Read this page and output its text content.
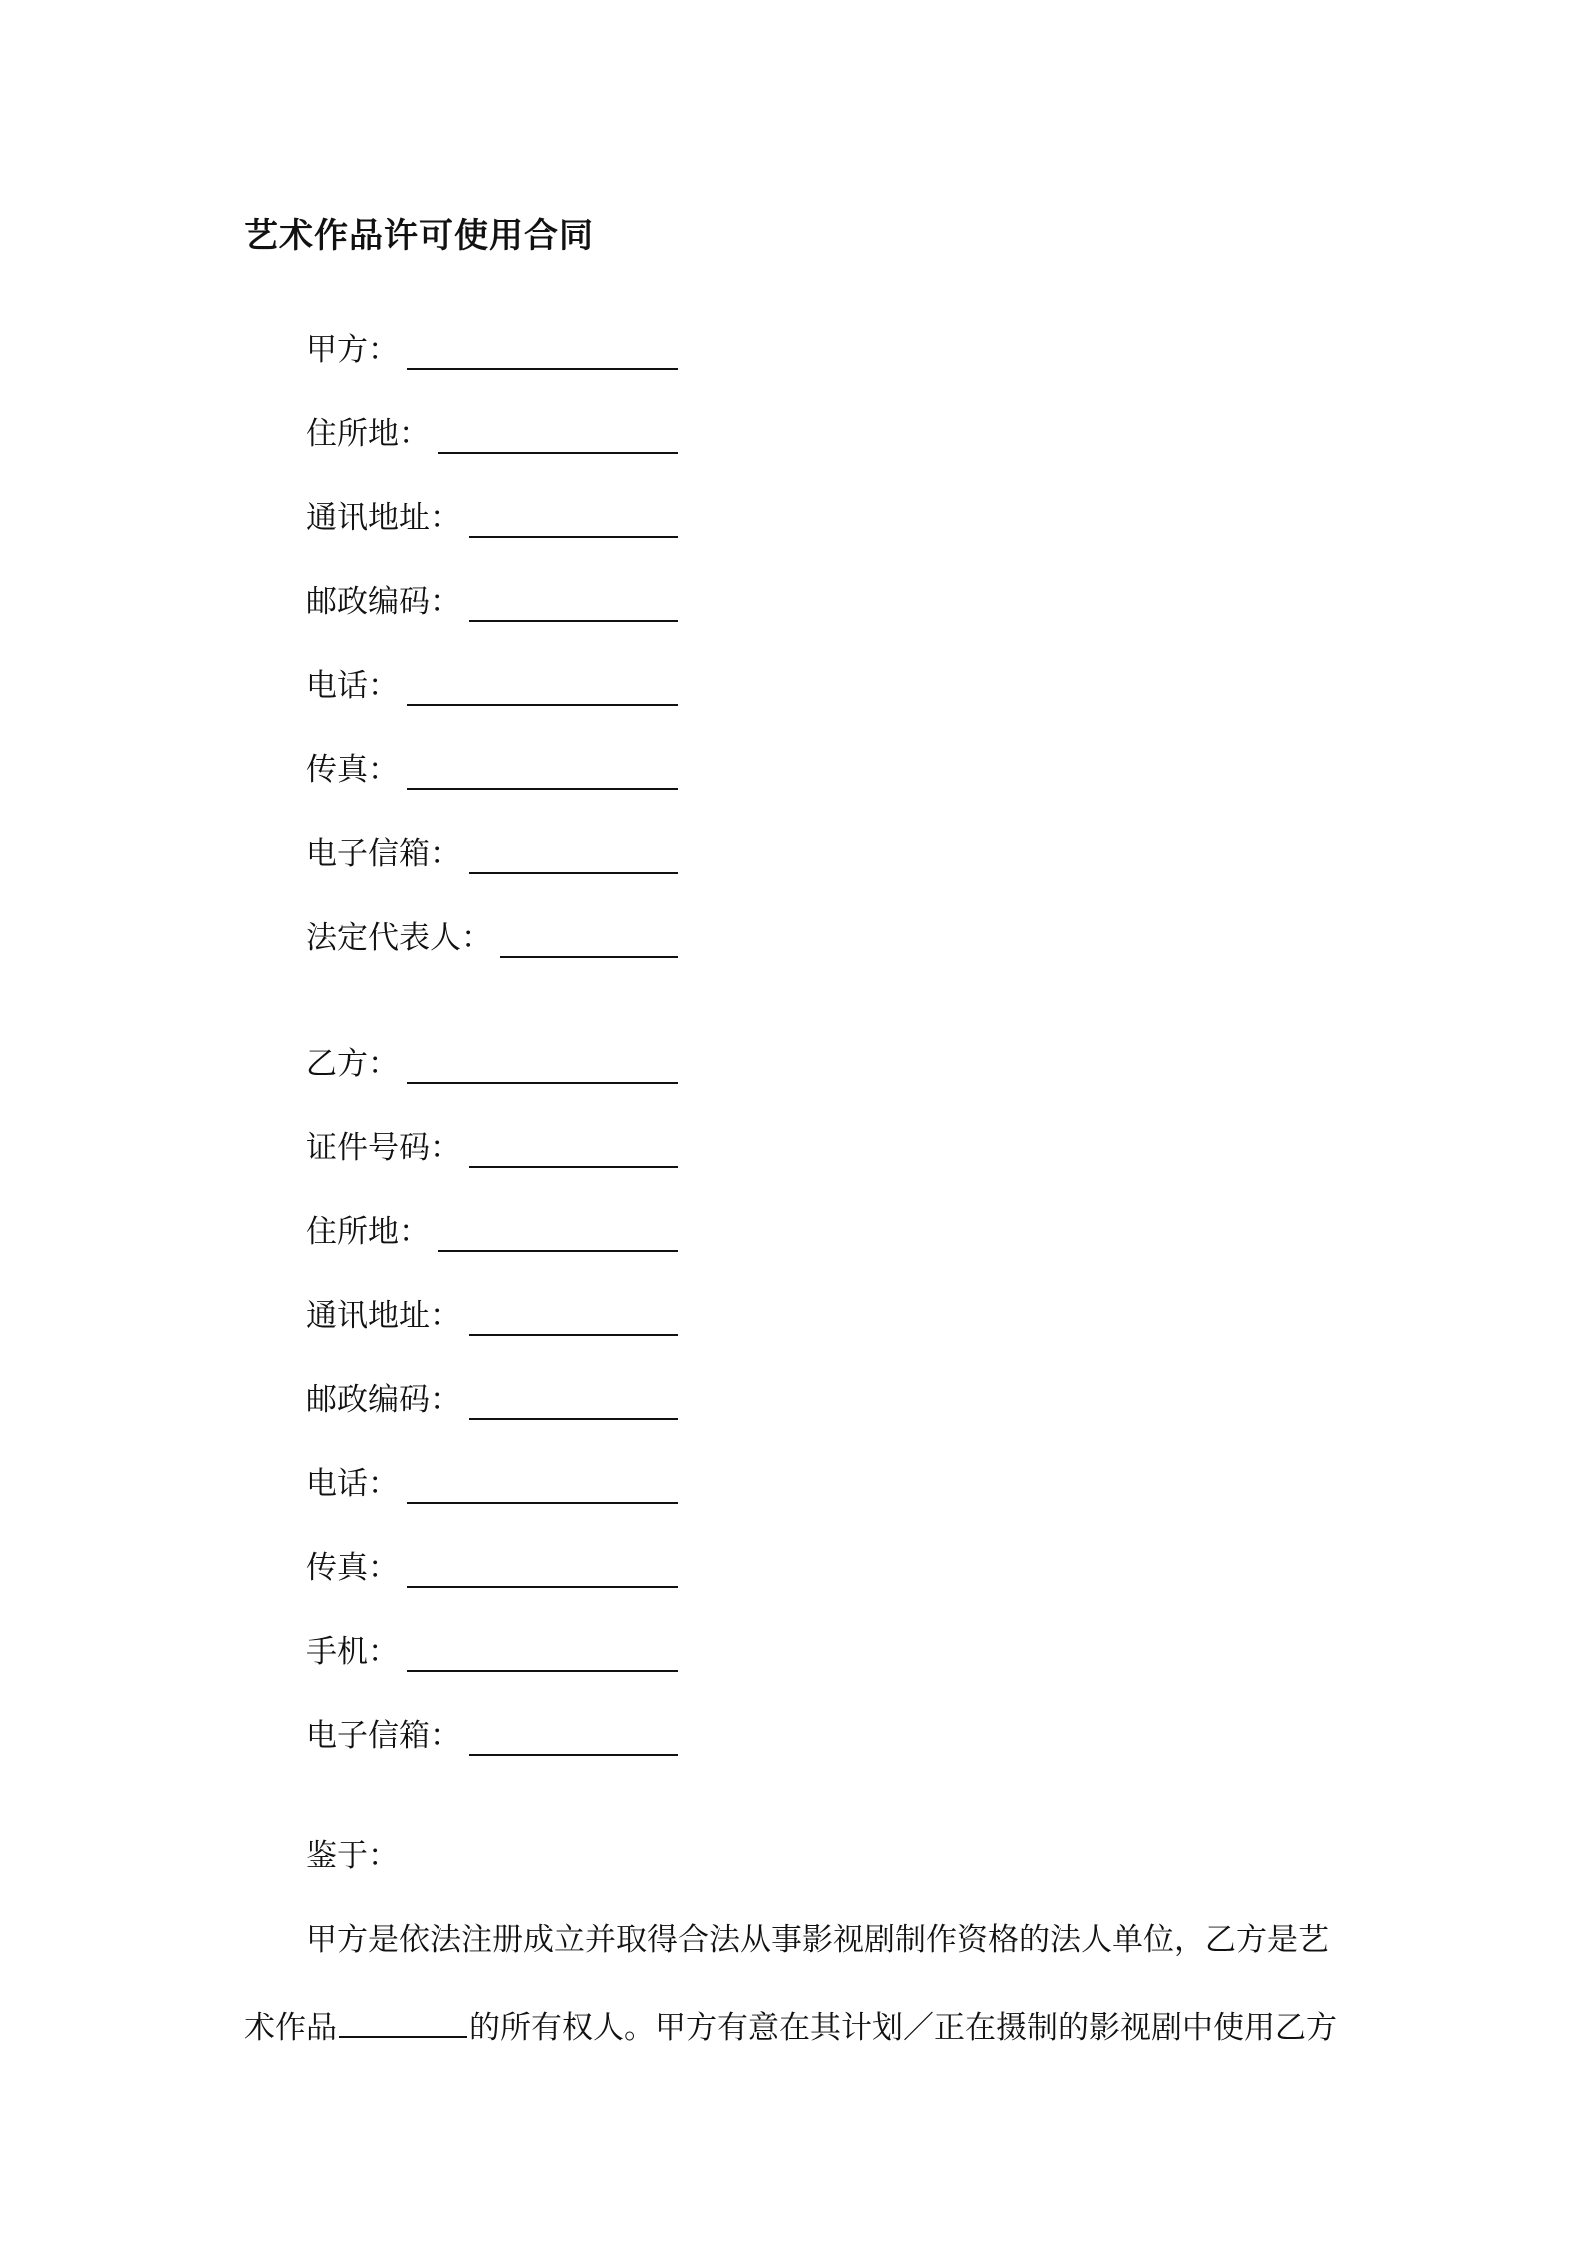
艺术作品许可使用合同
甲方：
住所地：
通讯地址：
邮政编码：
电话：
传真：
电子信箱：
法定代表人：
乙方：
证件号码：
住所地：
通讯地址：
邮政编码：
电话：
传真：
手机：
电子信箱：
鉴于：
甲方是依法注册成立并取得合法从事影视剧制作资格的法人单位，乙方是艺
术作品	的所有权人。甲方有意在其计划／正在摄制的影视剧中使用乙方
